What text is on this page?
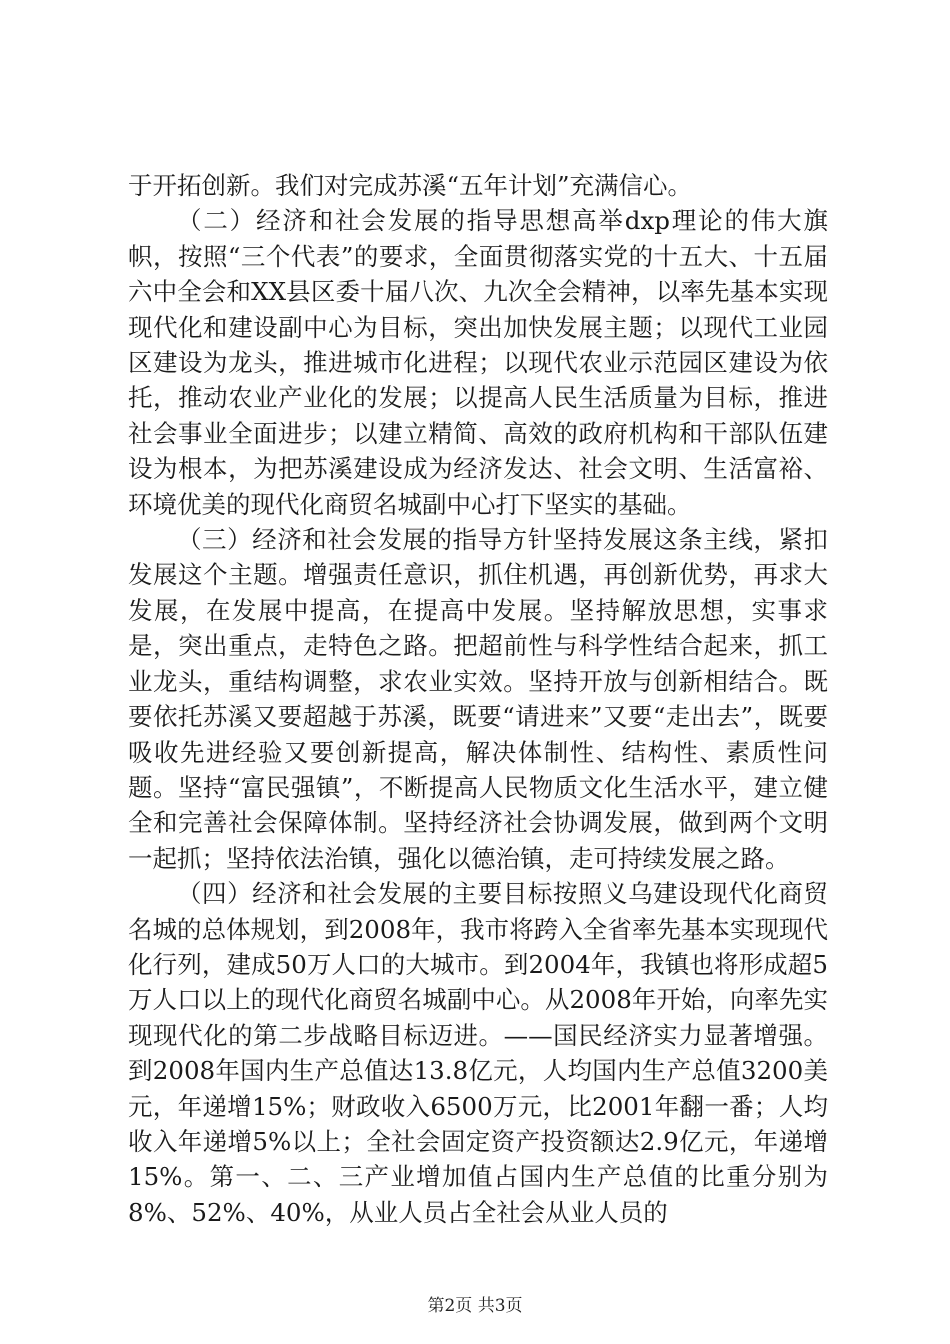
于开拓创新。我们对完成苏溪“五年计划”充满信心。

（二）经济和社会发展的指导思想高举dxp理论的伟大旗帜，按照“三个代表”的要求，全面贯彻落实党的十五大、十五届六中全会和XX县区委十届八次、九次全会精神，以率先基本实现现代化和建设副中心为目标，突出加快发展主题；以现代工业园区建设为龙头，推进城市化进程；以现代农业示范园区建设为依托，推动农业产业化的发展；以提高人民生活质量为目标，推进社会事业全面进步；以建立精简、高效的政府机构和干部队伍建设为根本，为把苏溪建设成为经济发达、社会文明、生活富裕、环境优美的现代化商贸名城副中心打下坚实的基础。

（三）经济和社会发展的指导方针坚持发展这条主线，紧扣发展这个主题。增强责任意识，抓住机遇，再创新优势，再求大发展，在发展中提高，在提高中发展。坚持解放思想，实事求是，突出重点，走特色之路。把超前性与科学性结合起来，抓工业龙头，重结构调整，求农业实效。坚持开放与创新相结合。既要依托苏溪又要超越于苏溪，既要“请进来”又要“走出去”，既要吸收先进经验又要创新提高，解决体制性、结构性、素质性问题。坚持“富民强镇”，不断提高人民物质文化生活水平，建立健全和完善社会保障体制。坚持经济社会协调发展，做到两个文明一起抓；坚持依法治镇，强化以德治镇，走可持续发展之路。

（四）经济和社会发展的主要目标按照义乌建设现代化商贸名城的总体规划，到2008年，我市将跨入全省率先基本实现现代化行列，建成50万人口的大城市。到2004年，我镇也将形成超5万人口以上的现代化商贸名城副中心。从2008年开始，向率先实现现代化的第二步战略目标迈进。——国民经济实力显著增强。到2008年国内生产总值达13.8亿元，人均国内生产总值3200美元，年递增15%；财政收入6500万元，比2001年翻一番；人均收入年递增5%以上；全社会固定资产投资额达2.9亿元，年递增15%。第一、二、三产业增加值占国内生产总值的比重分别为8%、52%、40%，从业人员占全社会从业人员的

第2页 共3页
